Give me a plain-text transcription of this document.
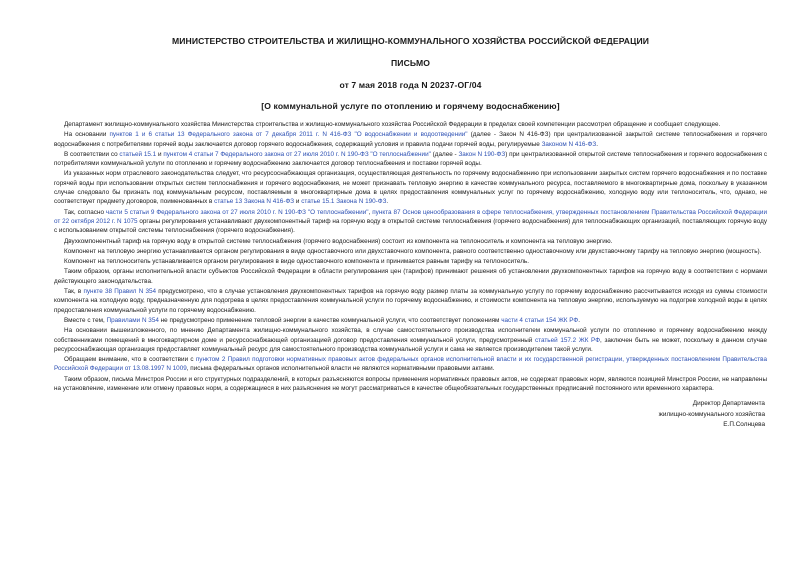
МИНИСТЕРСТВО СТРОИТЕЛЬСТВА И ЖИЛИЩНО-КОММУНАЛЬНОГО ХОЗЯЙСТВА РОССИЙСКОЙ ФЕДЕРАЦИИ
ПИСЬМО
от 7 мая 2018 года N 20237-ОГ/04
[О коммунальной услуге по отоплению и горячему водоснабжению]

Департамент жилищно-коммунального хозяйства Министерства строительства и жилищно-коммунального хозяйства Российской Федерации в пределах своей компетенции рассмотрел обращение и сообщает следующее.

На основании пунктов 1 и 6 статьи 13 Федерального закона от 7 декабря 2011 г. N 416-ФЗ "О водоснабжении и водоотведении" (далее - Закон N 416-ФЗ) при централизованной закрытой системе теплоснабжения и горячего водоснабжения с потребителями горячей воды заключается договор горячего водоснабжения, содержащий условия и правила подачи горячей воды, регулируемые Законом N 416-ФЗ.

В соответствии со статьей 15.1 и пунктом 4 статьи 7 Федерального закона от 27 июля 2010 г. N 190-ФЗ "О теплоснабжении" (далее - Закон N 190-ФЗ) при централизованной открытой системе теплоснабжения и горячего водоснабжения с потребителями коммунальной услуги по отоплению и горячему водоснабжению заключается договор теплоснабжения и поставки горячей воды.

Из указанных норм отраслевого законодательства следует, что ресурсоснабжающая организация, осуществляющая деятельность по горячему водоснабжению при использовании закрытых систем горячего водоснабжения и по поставке горячей воды при использовании открытых систем теплоснабжения и горячего водоснабжения, не может признавать тепловую энергию в качестве коммунального ресурса, поставляемого в многоквартирные дома, поскольку в указанном случае следовало бы признать под коммунальным ресурсом, поставляемым в многоквартирные дома в целях предоставления коммунальных услуг по горячему водоснабжению, холодную воду или теплоноситель, что, однако, не соответствует предмету договоров, поименованных в статье 13 Закона N 416-ФЗ и статье 15.1 Закона N 190-ФЗ.

Так, согласно части 5 статьи 9 Федерального закона от 27 июля 2010 г. N 190-ФЗ "О теплоснабжении", пункта 87 Основ ценообразования в сфере теплоснабжения, утвержденных постановлением Правительства Российской Федерации от 22 октября 2012 г. N 1075 органы регулирования устанавливают двухкомпонентный тариф на горячую воду в открытой системе теплоснабжения (горячего водоснабжения) для теплоснабжающих организаций, поставляющих горячую воду с использованием открытой системы теплоснабжения (горячего водоснабжения).

Двухкомпонентный тариф на горячую воду в открытой системе теплоснабжения (горячего водоснабжения) состоит из компонента на теплоноситель и компонента на тепловую энергию.

Компонент на тепловую энергию устанавливается органом регулирования в виде одноставочного или двухставочного компонента, равного соответственно одноставочному или двухставочному тарифу на тепловую энергию (мощность).

Компонент на теплоноситель устанавливается органом регулирования в виде одноставочного компонента и принимается равным тарифу на теплоноситель.

Таким образом, органы исполнительной власти субъектов Российской Федерации в области регулирования цен (тарифов) принимают решения об установлении двухкомпонентных тарифов на горячую воду в соответствии с нормами действующего законодательства.

Так, в пункте 38 Правил N 354 предусмотрено, что в случае установления двухкомпонентных тарифов на горячую воду размер платы за коммунальную услугу по горячему водоснабжению рассчитывается исходя из суммы стоимости компонента на холодную воду, предназначенную для подогрева в целях предоставления коммунальной услуги по горячему водоснабжению, и стоимости компонента на тепловую энергию, используемую на подогрев холодной воды в целях предоставления коммунальной услуги по горячему водоснабжению.

Вместе с тем, Правилами N 354 не предусмотрено применение тепловой энергии в качестве коммунальной услуги, что соответствует положениям части 4 статьи 154 ЖК РФ.

На основании вышеизложенного, по мнению Департамента жилищно-коммунального хозяйства, в случае самостоятельного производства исполнителем коммунальной услуги по отоплению и горячему водоснабжению между собственниками помещений в многоквартирном доме и ресурсоснабжающей организацией договор предоставления коммунальной услуги, предусмотренный статьей 157.2 ЖК РФ, заключен быть не может, поскольку в данном случае ресурсоснабжающая организация предоставляет коммунальный ресурс для самостоятельного производства коммунальной услуги и сама не является производителем такой услуги.

Обращаем внимание, что в соответствии с пунктом 2 Правил подготовки нормативных правовых актов федеральных органов исполнительной власти и их государственной регистрации, утвержденных постановлением Правительства Российской Федерации от 13.08.1997 N 1009, письма федеральных органов исполнительной власти не являются нормативными правовыми актами.

Таким образом, письма Минстроя России и его структурных подразделений, в которых разъясняются вопросы применения нормативных правовых актов, не содержат правовых норм, являются позицией Минстроя России, не направлены на установление, изменение или отмену правовых норм, а содержащиеся в них разъяснения не могут рассматриваться в качестве общеобязательных государственных предписаний постоянного или временного характера.

Директор Департамента
жилищно-коммунального хозяйства
Е.П.Солнцева
